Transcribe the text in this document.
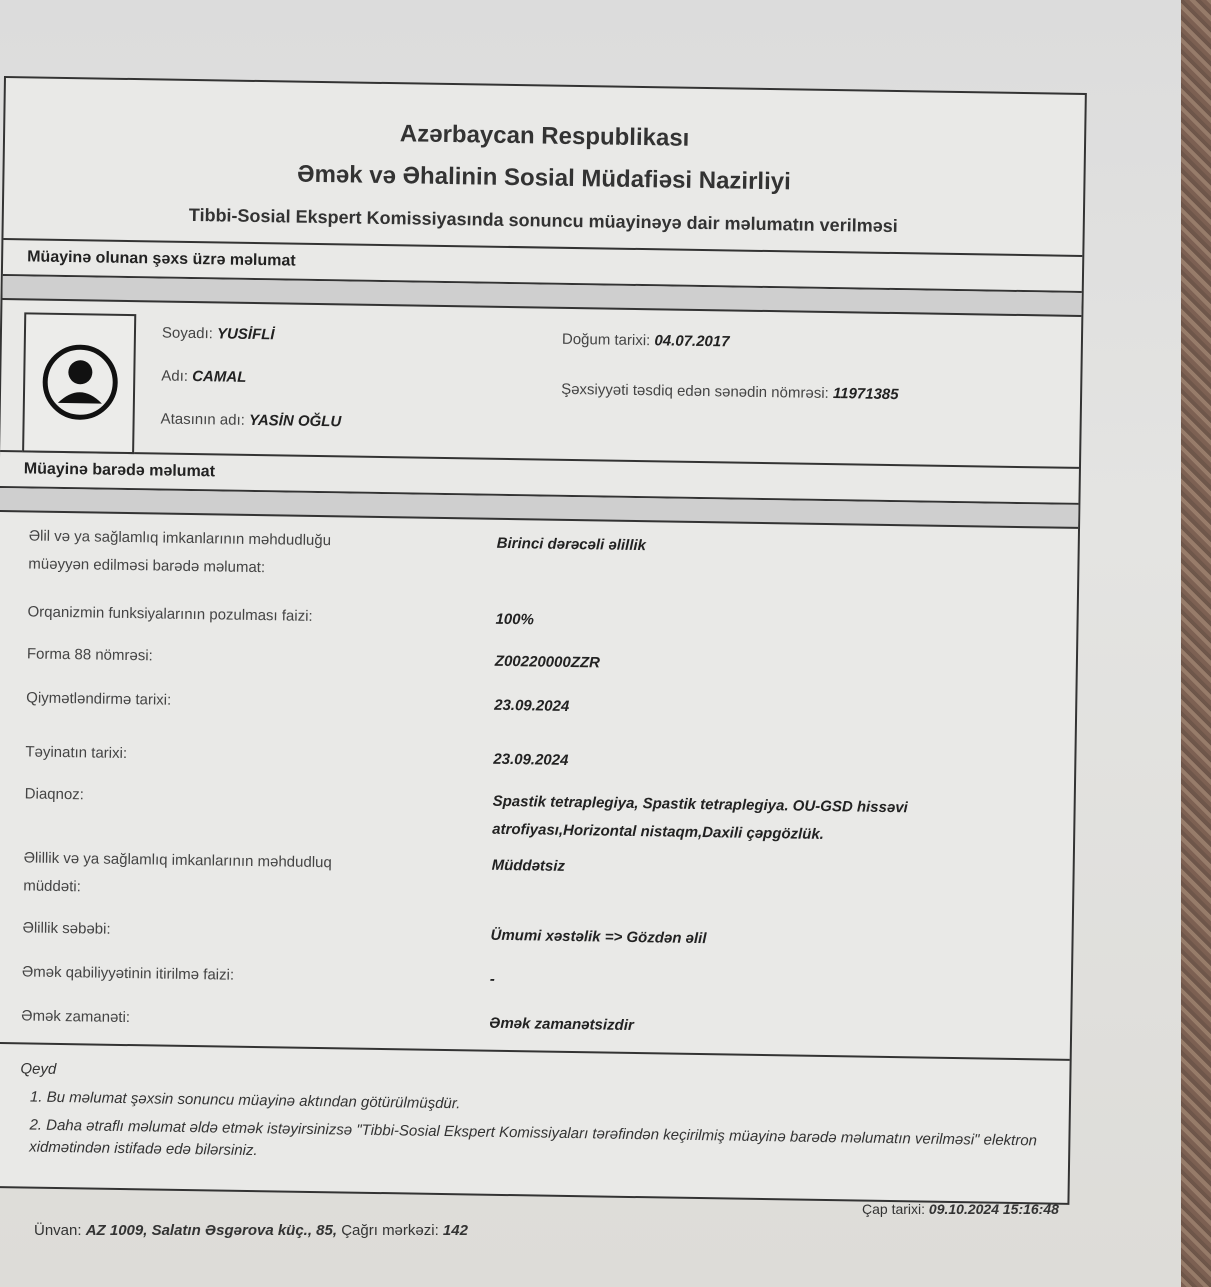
Azərbaycan Respublikası
Əmək və Əhalinin Sosial Müdafiəsi Nazirliyi
Tibbi-Sosial Ekspert Komissiyasında sonuncu müayinəyə dair məlumatın verilməsi
Müayinə olunan şəxs üzrə məlumat
Soyadı: YUSİFLİ
Adı: CAMAL
Atasının adı: YASİN OĞLU
Doğum tarixi: 04.07.2017
Şəxsiyyəti təsdiq edən sənədin nömrəsi: 11971385
Müayinə barədə məlumat
Əlil və ya sağlamlıq imkanlarının məhdudluğu müəyyən edilməsi barədə məlumat:
Birinci dərəcəli əlillik
Orqanizmin funksiyalarının pozulması faizi:	100%
Forma 88 nömrəsi:	Z00220000ZZR
Qiymətləndirmə tarixi:	23.09.2024
Təyinatın tarixi:	23.09.2024
Diaqnoz:	Spastik tetraplegiya, Spastik tetraplegiya. OU-GSD hissəvi atrofiyası,Horizontal nistaqm,Daxili çəpgözlük.
Əlillik və ya sağlamlıq imkanlarının məhdudluq müddəti:
Müddətsiz
Əlillik səbəbi:	Ümumi xəstəlik => Gözdən əlil
Əmək qabiliyyətinin itirilmə faizi:	-
Əmək zamanəti:	Əmək zamanətsizdir

Qeyd

1. Bu məlumat şəxsin sonuncu müayinə aktından götürülmüşdür.

2. Daha ətraflı məlumat əldə etmək istəyirsinizsə "Tibbi-Sosial Ekspert Komissiyaları tərəfindən keçirilmiş müayinə barədə məlumatın verilməsi" elektron xidmətindən istifadə edə bilərsiniz.

Ünvan: AZ 1009, Salatın Əsgərova küç., 85, Çağrı mərkəzi: 142
Çap tarixi: 09.10.2024 15:16:48
